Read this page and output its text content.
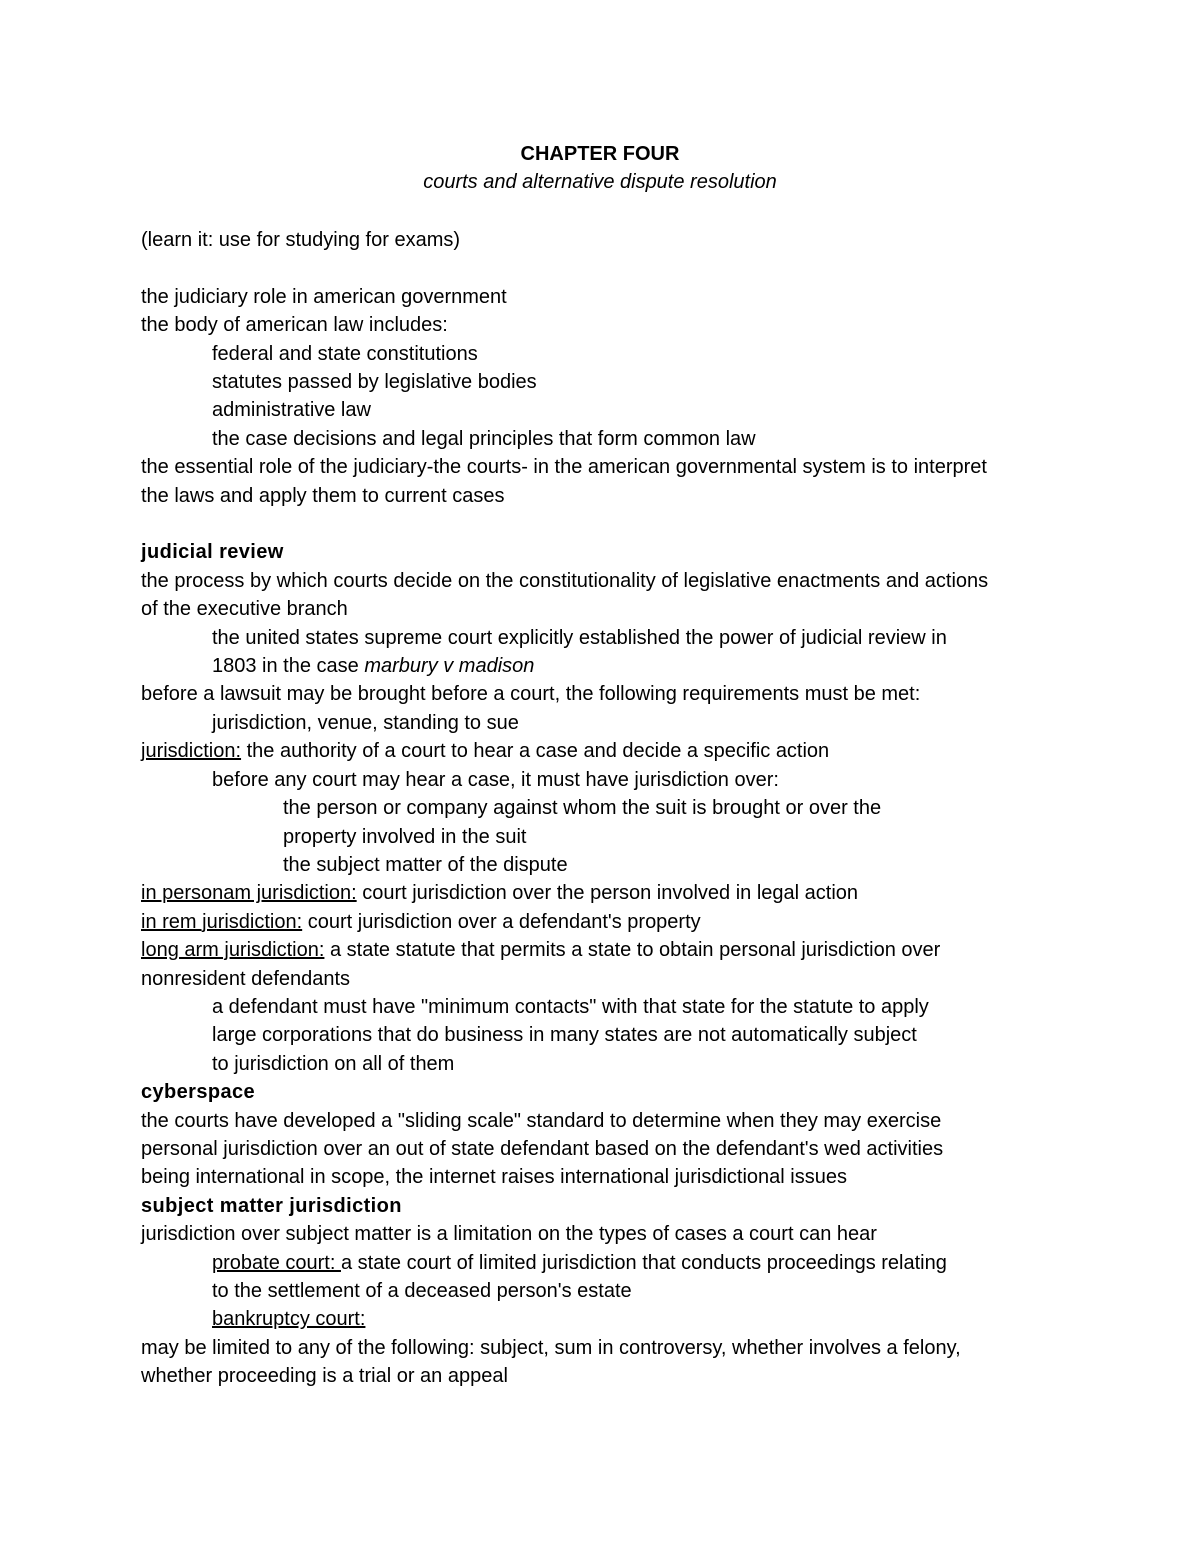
CHAPTER FOUR
courts and alternative dispute resolution
(learn it: use for studying for exams)
the judiciary role in american government
the body of american law includes:
federal and state constitutions
statutes passed by legislative bodies
administrative law
the case decisions and legal principles that form common law
the essential role of the judiciary-the courts- in the american governmental system is to interpret
the laws and apply them to current cases
judicial review
the process by which courts decide on the constitutionality of legislative enactments and actions
of the executive branch
the united states supreme court explicitly established the power of judicial review in
1803 in the case marbury v madison
before a lawsuit may be brought before a court, the following requirements must be met:
jurisdiction, venue, standing to sue
jurisdiction: the authority of a court to hear a case and decide a specific action
before any court may hear a case, it must have jurisdiction over:
the person or company against whom the suit is brought or over the
property involved in the suit
the subject matter of the dispute
in personam jurisdiction: court jurisdiction over the person involved in legal action
in rem jurisdiction: court jurisdiction over a defendant's property
long arm jurisdiction: a state statute that permits a state to obtain personal jurisdiction over
nonresident defendants
a defendant must have "minimum contacts" with that state for the statute to apply
large corporations that do business in many states are not automatically subject
to jurisdiction on all of them
cyberspace
the courts have developed a "sliding scale" standard to determine when they may exercise
personal jurisdiction over an out of state defendant based on the defendant's wed activities
being international in scope, the internet raises international jurisdictional issues
subject matter jurisdiction
jurisdiction over subject matter is a limitation on the types of cases a court can hear
probate court: a state court of limited jurisdiction that conducts proceedings relating
to the settlement of a deceased person's estate
bankruptcy court:
may be limited to any of the following: subject, sum in controversy, whether involves a felony,
whether proceeding is a trial or an appeal
